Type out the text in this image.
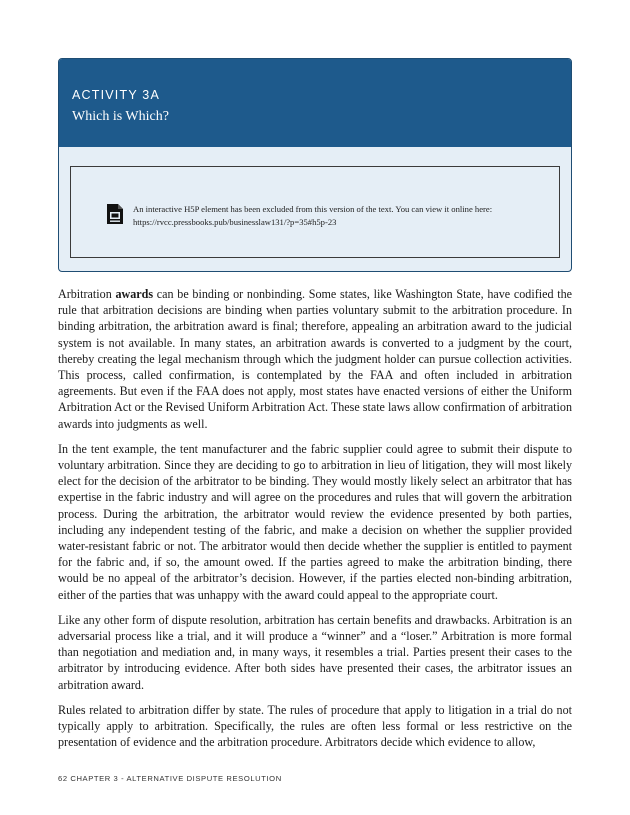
ACTIVITY 3A

Which is Which?

An interactive H5P element has been excluded from this version of the text. You can view it online here:

https://rvcc.pressbooks.pub/businesslaw131/?p=35#h5p-23

Arbitration awards can be binding or nonbinding. Some states, like Washington State, have codified the rule that arbitration decisions are binding when parties voluntary submit to the arbitration procedure. In binding arbitration, the arbitration award is final; therefore, appealing an arbitration award to the judicial system is not available. In many states, an arbitration awards is converted to a judgment by the court, thereby creating the legal mechanism through which the judgment holder can pursue collection activities. This process, called confirmation, is contemplated by the FAA and often included in arbitration agreements. But even if the FAA does not apply, most states have enacted versions of either the Uniform Arbitration Act or the Revised Uniform Arbitration Act. These state laws allow confirmation of arbitration awards into judgments as well.

In the tent example, the tent manufacturer and the fabric supplier could agree to submit their dispute to voluntary arbitration. Since they are deciding to go to arbitration in lieu of litigation, they will most likely elect for the decision of the arbitrator to be binding. They would mostly likely select an arbitrator that has expertise in the fabric industry and will agree on the procedures and rules that will govern the arbitration process. During the arbitration, the arbitrator would review the evidence presented by both parties, including any independent testing of the fabric, and make a decision on whether the supplier provided water-resistant fabric or not. The arbitrator would then decide whether the supplier is entitled to payment for the fabric and, if so, the amount owed. If the parties agreed to make the arbitration binding, there would be no appeal of the arbitrator’s decision. However, if the parties elected non-binding arbitration, either of the parties that was unhappy with the award could appeal to the appropriate court.

Like any other form of dispute resolution, arbitration has certain benefits and drawbacks. Arbitration is an adversarial process like a trial, and it will produce a “winner” and a “loser.” Arbitration is more formal than negotiation and mediation and, in many ways, it resembles a trial. Parties present their cases to the arbitrator by introducing evidence. After both sides have presented their cases, the arbitrator issues an arbitration award.

Rules related to arbitration differ by state. The rules of procedure that apply to litigation in a trial do not typically apply to arbitration. Specifically, the rules are often less formal or less restrictive on the presentation of evidence and the arbitration procedure. Arbitrators decide which evidence to allow,

62 CHAPTER 3 - ALTERNATIVE DISPUTE RESOLUTION
